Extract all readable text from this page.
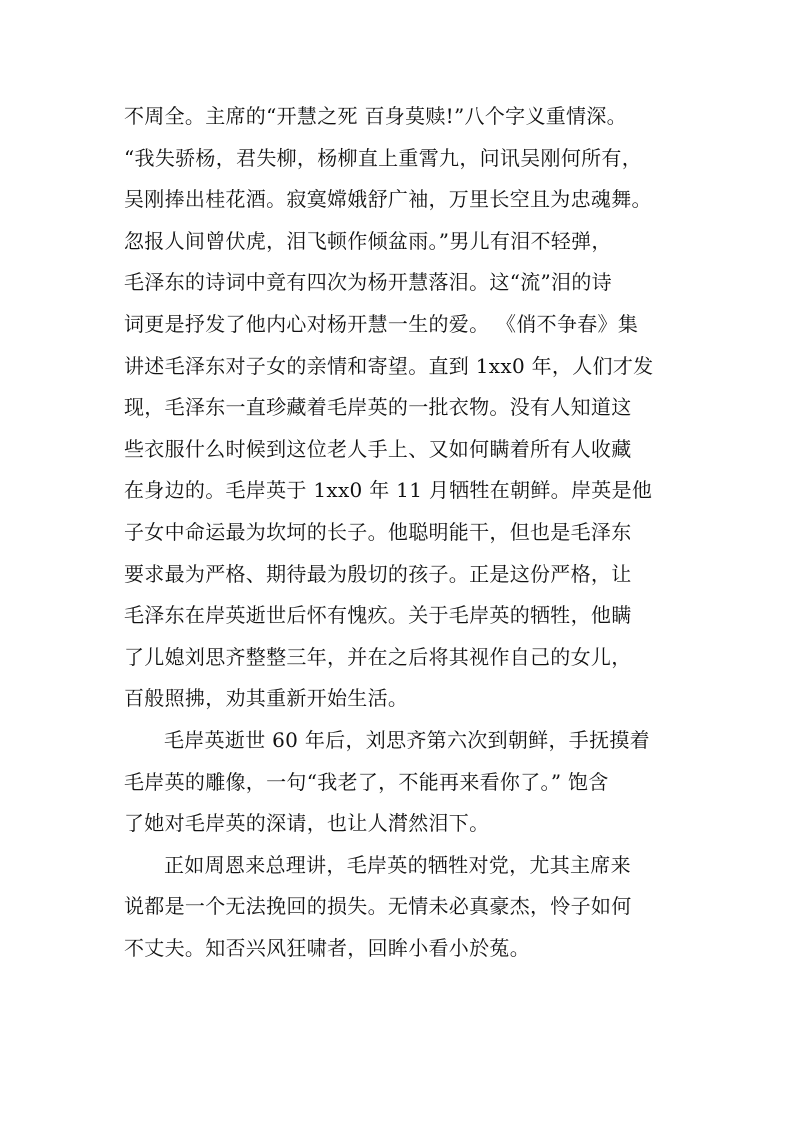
不周全。主席的“开慧之死 百身莫赎!”八个字义重情深。
“我失骄杨，君失柳，杨柳直上重霄九，问讯吴刚何所有，
吴刚捧出桂花酒。寂寞嫦娥舒广袖，万里长空且为忠魂舞。
忽报人间曾伏虎，泪飞顿作倾盆雨。”男儿有泪不轻弹，
毛泽东的诗词中竟有四次为杨开慧落泪。这“流”泪的诗
词更是抒发了他内心对杨开慧一生的爱。 《俏不争春》集
讲述毛泽东对子女的亲情和寄望。直到 1xx0 年，人们才发
现，毛泽东一直珍藏着毛岸英的一批衣物。没有人知道这
些衣服什么时候到这位老人手上、又如何瞒着所有人收藏
在身边的。毛岸英于 1xx0 年 11 月牺牲在朝鲜。岸英是他
子女中命运最为坎坷的长子。他聪明能干，但也是毛泽东
要求最为严格、期待最为殷切的孩子。正是这份严格，让
毛泽东在岸英逝世后怀有愧疚。关于毛岸英的牺牲，他瞒
了儿媳刘思齐整整三年，并在之后将其视作自己的女儿，
百般照拂，劝其重新开始生活。
毛岸英逝世 60 年后，刘思齐第六次到朝鲜，手抚摸着
毛岸英的雕像，一句“我老了，不能再来看你了。” 饱含
了她对毛岸英的深请，也让人潸然泪下。
正如周恩来总理讲，毛岸英的牺牲对党，尤其主席来
说都是一个无法挽回的损失。无情未必真豪杰，怜子如何
不丈夫。知否兴风狂啸者，回眸小看小於菟。
